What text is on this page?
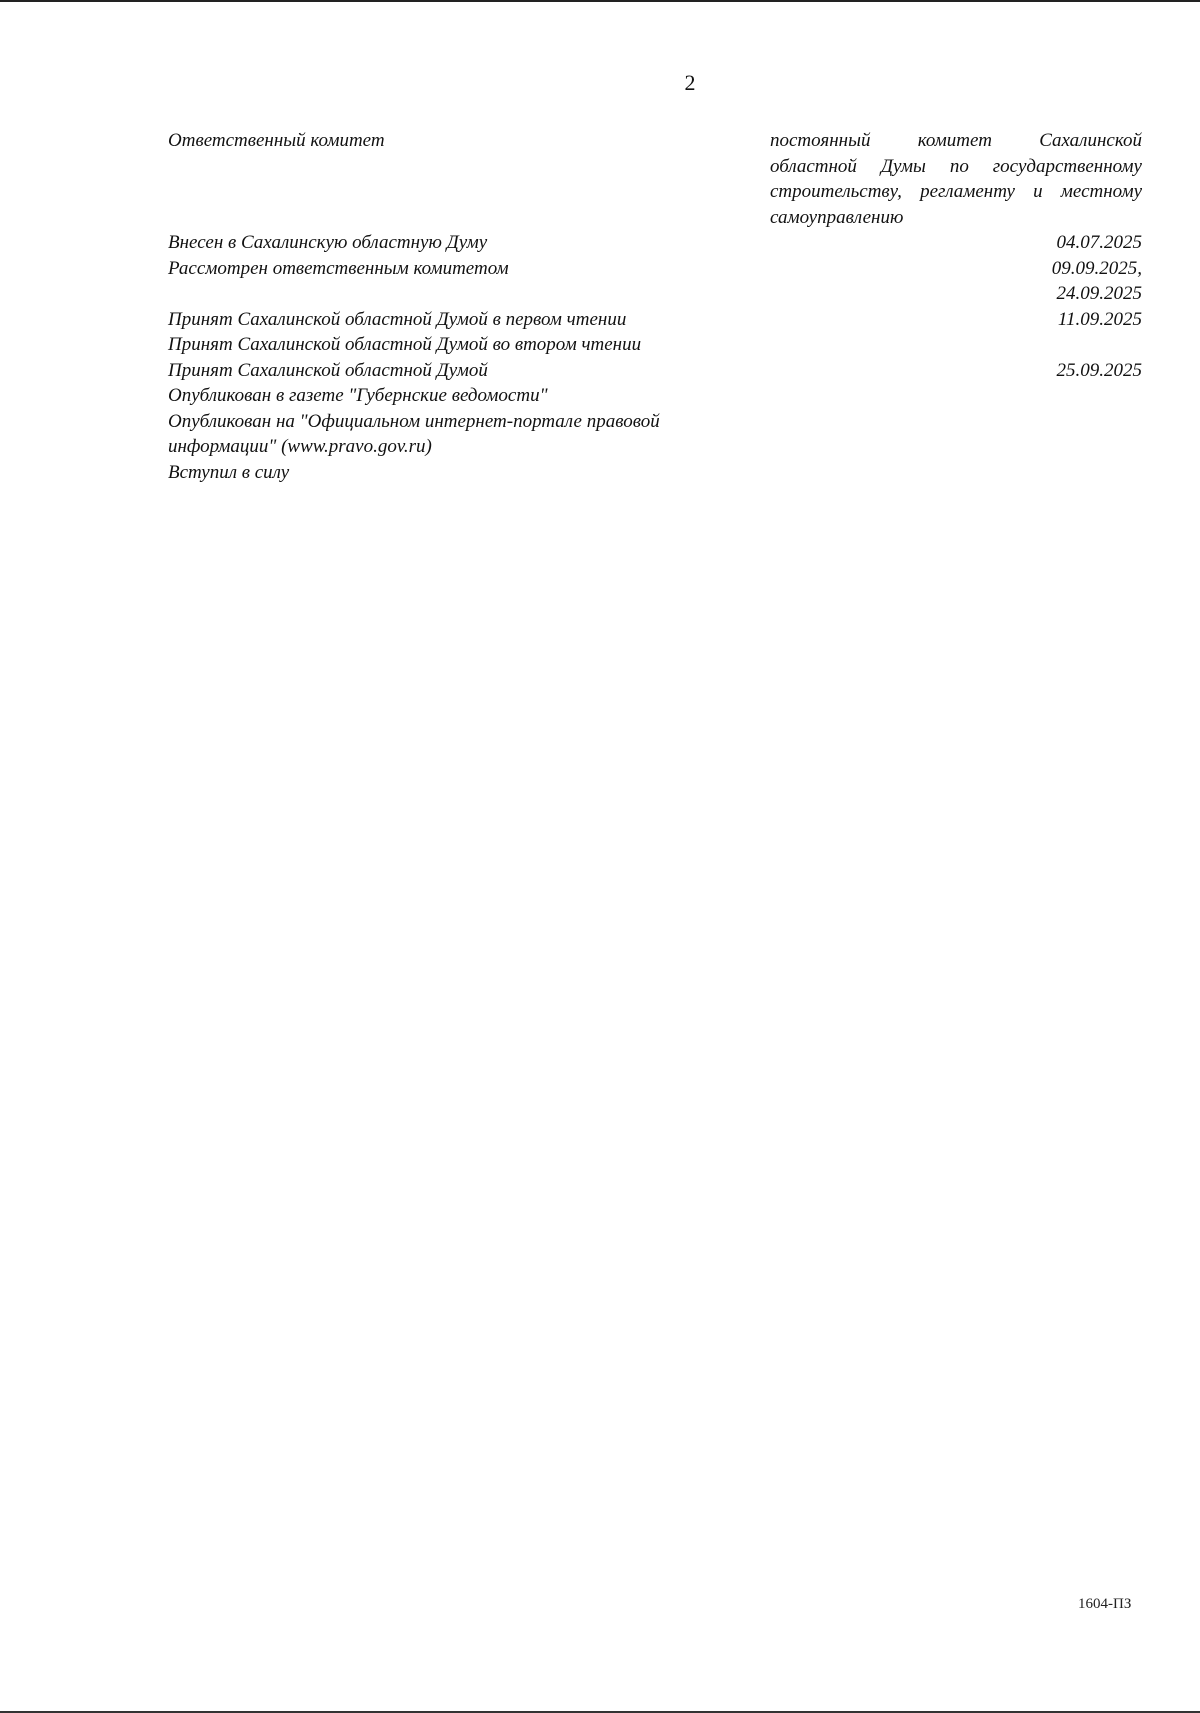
2
Ответственный комитет	постоянный комитет Сахалинской областной Думы по государственному строительству, регламенту и местному самоуправлению
Внесен в Сахалинскую областную Думу	04.07.2025
Рассмотрен ответственным комитетом	09.09.2025,
24.09.2025
Принят Сахалинской областной Думой в первом чтении	11.09.2025
Принят Сахалинской областной Думой во втором чтении
Принят Сахалинской областной Думой	25.09.2025
Опубликован в газете "Губернские ведомости"
Опубликован на "Официальном интернет-портале правовой информации" (www.pravo.gov.ru)
Вступил в силу
1604-ПЗ
